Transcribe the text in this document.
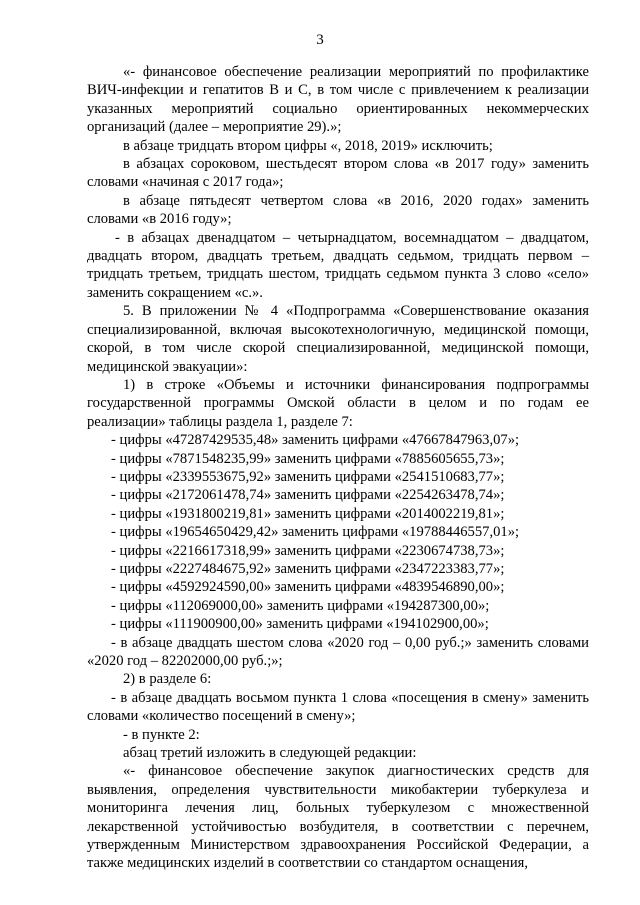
3

«- финансовое обеспечение реализации мероприятий по профилактике ВИЧ-инфекции и гепатитов В и С, в том числе с привлечением к реализации указанных мероприятий социально ориентированных некоммерческих организаций (далее – мероприятие 29).»;

в абзаце тридцать втором цифры «, 2018, 2019» исключить;

в абзацах сороковом, шестьдесят втором слова «в 2017 году» заменить словами «начиная с 2017 года»;

в абзаце пятьдесят четвертом слова «в 2016, 2020 годах» заменить словами «в 2016 году»;

- в абзацах двенадцатом – четырнадцатом, восемнадцатом – двадцатом, двадцать втором, двадцать третьем, двадцать седьмом, тридцать первом – тридцать третьем, тридцать шестом, тридцать седьмом пункта 3 слово «село» заменить сокращением «с.».

5. В приложении № 4 «Подпрограмма «Совершенствование оказания специализированной, включая высокотехнологичную, медицинской помощи, скорой, в том числе скорой специализированной, медицинской помощи, медицинской эвакуации»:

1) в строке «Объемы и источники финансирования подпрограммы государственной программы Омской области в целом и по годам ее реализации» таблицы раздела 1, разделе 7:

- цифры «47287429535,48» заменить цифрами «47667847963,07»;

- цифры «7871548235,99» заменить цифрами «7885605655,73»;

- цифры «2339553675,92» заменить цифрами «2541510683,77»;

- цифры «2172061478,74» заменить цифрами «2254263478,74»;

- цифры «1931800219,81» заменить цифрами «2014002219,81»;

- цифры «19654650429,42» заменить цифрами «19788446557,01»;

- цифры «2216617318,99» заменить цифрами «2230674738,73»;

- цифры «2227484675,92» заменить цифрами «2347223383,77»;

- цифры «4592924590,00» заменить цифрами «4839546890,00»;

- цифры «112069000,00» заменить цифрами «194287300,00»;

- цифры «111900900,00» заменить цифрами «194102900,00»;

- в абзаце двадцать шестом слова «2020 год – 0,00 руб.;» заменить словами «2020 год – 82202000,00 руб.;»;

2) в разделе 6:

- в абзаце двадцать восьмом пункта 1 слова «посещения в смену» заменить словами «количество посещений в смену»;

- в пункте 2:

абзац третий изложить в следующей редакции:

«- финансовое обеспечение закупок диагностических средств для выявления, определения чувствительности микобактерии туберкулеза и мониторинга лечения лиц, больных туберкулезом с множественной лекарственной устойчивостью возбудителя, в соответствии с перечнем, утвержденным Министерством здравоохранения Российской Федерации, а также медицинских изделий в соответствии со стандартом оснащения,
